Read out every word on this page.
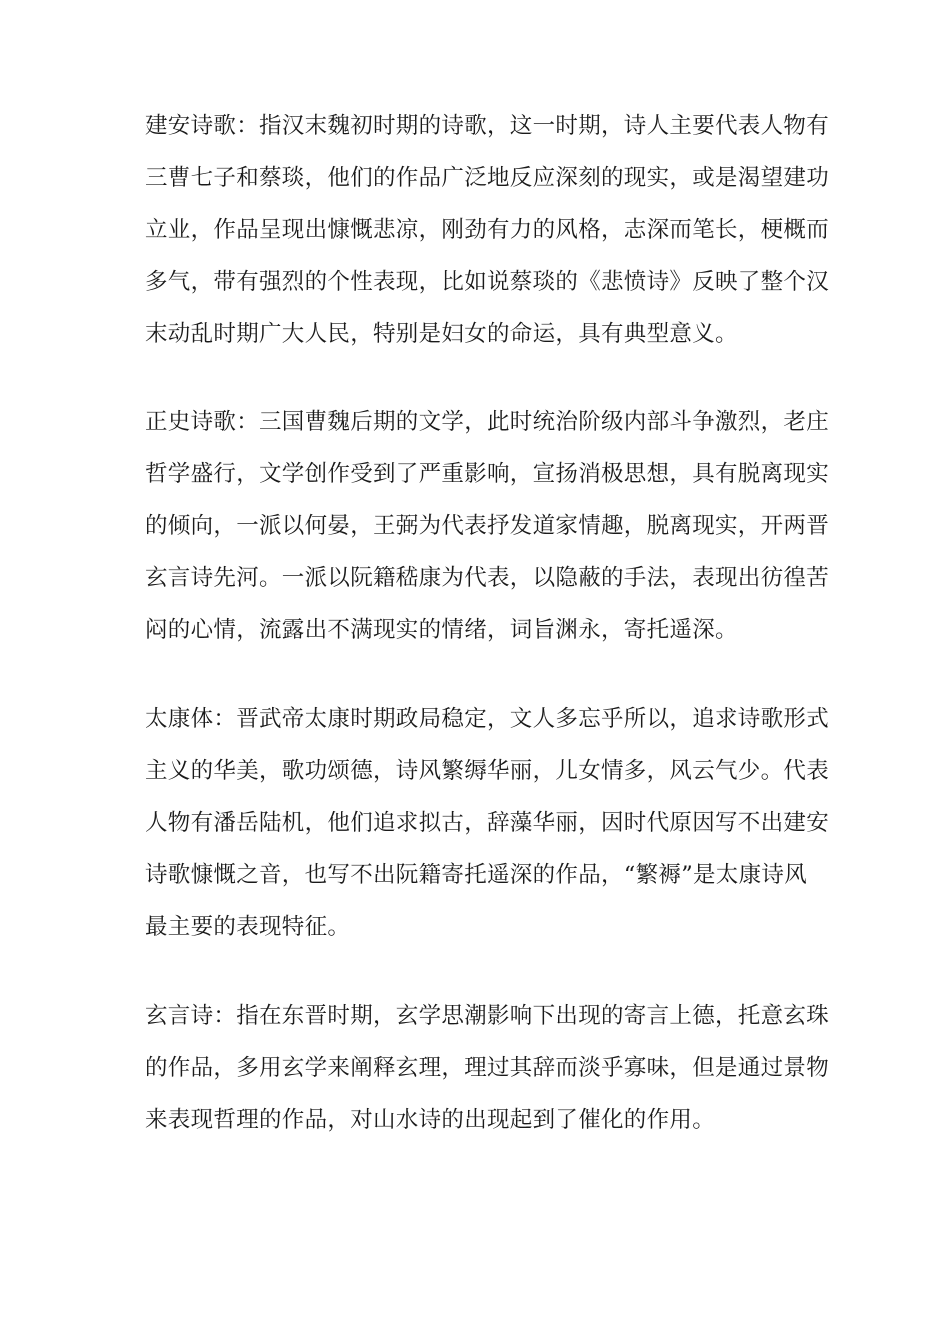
建安诗歌：指汉末魏初时期的诗歌，这一时期，诗人主要代表人物有
三曹七子和蔡琰，他们的作品广泛地反应深刻的现实，或是渴望建功
立业，作品呈现出慷慨悲凉，刚劲有力的风格，志深而笔长，梗概而
多气，带有强烈的个性表现，比如说蔡琰的《悲愤诗》反映了整个汉
末动乱时期广大人民，特别是妇女的命运，具有典型意义。

正史诗歌：三国曹魏后期的文学，此时统治阶级内部斗争激烈，老庄
哲学盛行，文学创作受到了严重影响，宣扬消极思想，具有脱离现实
的倾向，一派以何晏，王弼为代表抒发道家情趣，脱离现实，开两晋
玄言诗先河。一派以阮籍嵇康为代表，以隐蔽的手法，表现出彷徨苦
闷的心情，流露出不满现实的情绪，词旨渊永，寄托遥深。

太康体：晋武帝太康时期政局稳定，文人多忘乎所以，追求诗歌形式
主义的华美，歌功颂德，诗风繁缛华丽，儿女情多，风云气少。代表
人物有潘岳陆机，他们追求拟古，辞藻华丽，因时代原因写不出建安
诗歌慷慨之音，也写不出阮籍寄托遥深的作品，“繁褥”是太康诗风
最主要的表现特征。

玄言诗：指在东晋时期，玄学思潮影响下出现的寄言上德，托意玄珠
的作品，多用玄学来阐释玄理，理过其辞而淡乎寡味，但是通过景物
来表现哲理的作品，对山水诗的出现起到了催化的作用。
